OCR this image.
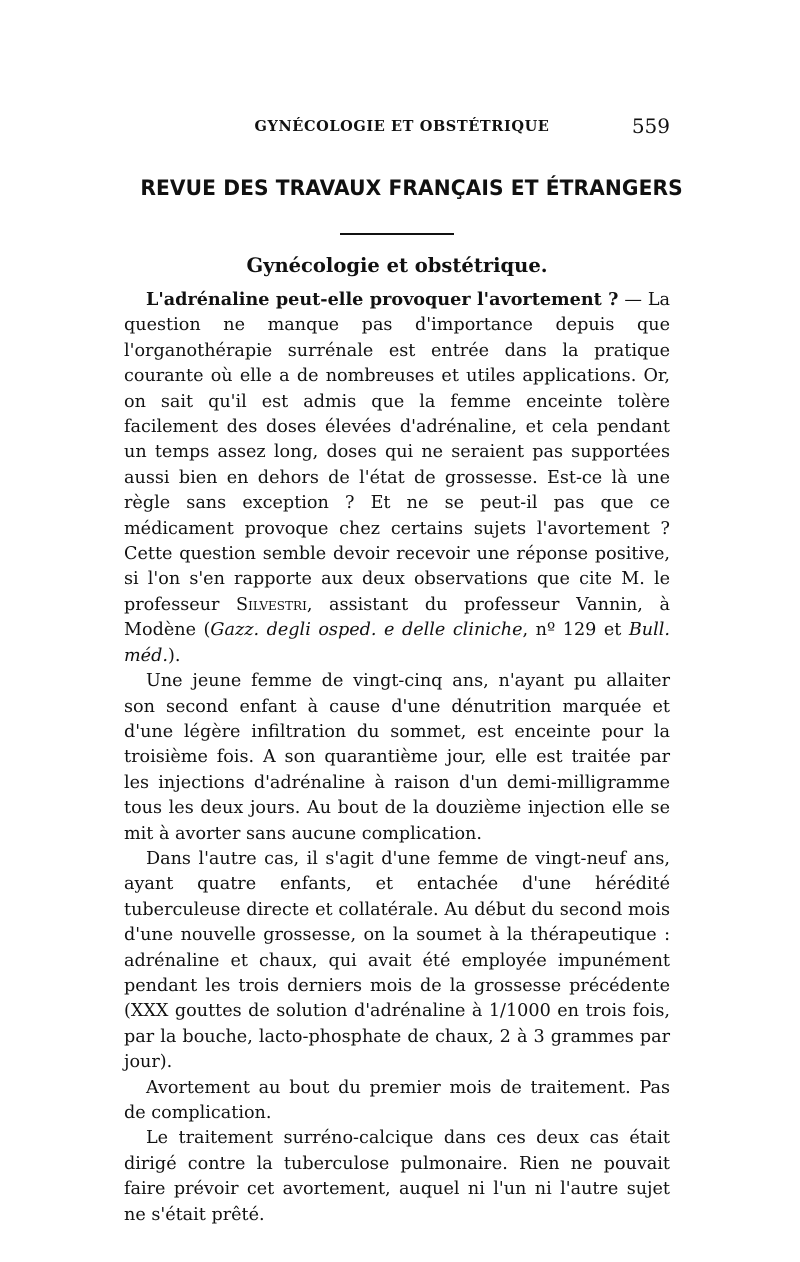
GYNÉCOLOGIE ET OBSTÉTRIQUE	559
REVUE DES TRAVAUX FRANÇAIS ET ÉTRANGERS
Gynécologie et obstétrique.

L'adrénaline peut-elle provoquer l'avortement ? — La question ne manque pas d'importance depuis que l'organothérapie surrénale est entrée dans la pratique courante où elle a de nombreuses et utiles applications. Or, on sait qu'il est admis que la femme enceinte tolère facilement des doses élevées d'adrénaline, et cela pendant un temps assez long, doses qui ne seraient pas supportées aussi bien en dehors de l'état de grossesse. Est-ce là une règle sans exception ? Et ne se peut-il pas que ce médicament provoque chez certains sujets l'avortement ? Cette question semble devoir recevoir une réponse positive, si l'on s'en rapporte aux deux observations que cite M. le professeur Silvestri, assistant du professeur Vannin, à Modène (Gazz. degli osped. e delle cliniche, nº 129 et Bull. méd.).

Une jeune femme de vingt-cinq ans, n'ayant pu allaiter son second enfant à cause d'une dénutrition marquée et d'une légère infiltration du sommet, est enceinte pour la troisième fois. A son quarantième jour, elle est traitée par les injections d'adrénaline à raison d'un demi-milligramme tous les deux jours. Au bout de la douzième injection elle se mit à avorter sans aucune complication.

Dans l'autre cas, il s'agit d'une femme de vingt-neuf ans, ayant quatre enfants, et entachée d'une hérédité tuberculeuse directe et collatérale. Au début du second mois d'une nouvelle grossesse, on la soumet à la thérapeutique : adrénaline et chaux, qui avait été employée impunément pendant les trois derniers mois de la grossesse précédente (XXX gouttes de solution d'adrénaline à 1/1000 en trois fois, par la bouche, lacto-phosphate de chaux, 2 à 3 grammes par jour).

Avortement au bout du premier mois de traitement. Pas de complication.

Le traitement surréno-calcique dans ces deux cas était dirigé contre la tuberculose pulmonaire. Rien ne pouvait faire prévoir cet avortement, auquel ni l'un ni l'autre sujet ne s'était prêté.
